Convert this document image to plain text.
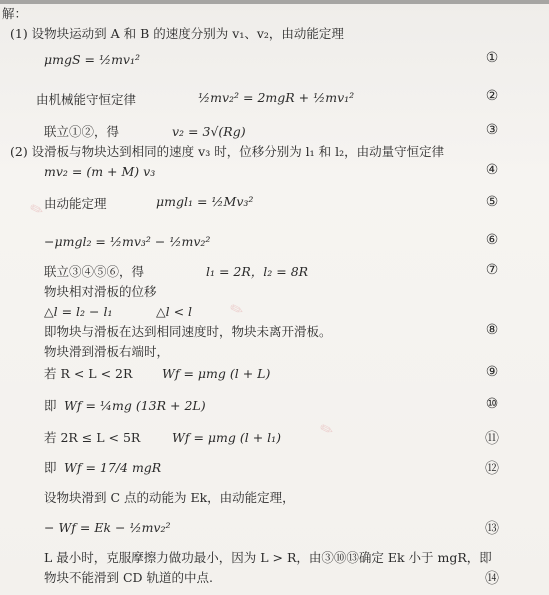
✎
✎
✎
解：
(1) 设物块运动到 A 和 B 的速度分别为 v₁、v₂，由动能定理
μmgS = ½mv₁²	①
由机械能守恒定律	½mv₂² = 2mgR + ½mv₁²	②
联立①②，得	v₂ = 3√(Rg)	③
(2) 设滑板与物块达到相同的速度 v₃ 时，位移分别为 l₁ 和 l₂，由动量守恒定律
mv₂ = (m + M) v₃	④
由动能定理	μmgl₁ = ½Mv₃²	⑤
−μmgl₂ = ½mv₃² − ½mv₂²	⑥
联立③④⑤⑥，得	l₁ = 2R，l₂ = 8R	⑦
物块相对滑板的位移
△l = l₂ − l₁	△l < l
即物块与滑板在达到相同速度时，物块未离开滑板。	⑧
物块滑到滑板右端时，
若 R < L < 2R Wf = μmg (l + L)	⑨
即 Wf = ¼mg (13R + 2L)	⑩
若 2R ≤ L < 5R	Wf = μmg (l + l₁)	⑪
即 Wf = 17/4 mgR	⑫
设物块滑到 C 点的动能为 Ek，由动能定理，
− Wf = Ek − ½mv₂²	⑬
L 最小时，克服摩擦力做功最小，因为 L > R，由③⑩⑬确定 Ek 小于 mgR，即
物块不能滑到 CD 轨道的中点.	⑭
